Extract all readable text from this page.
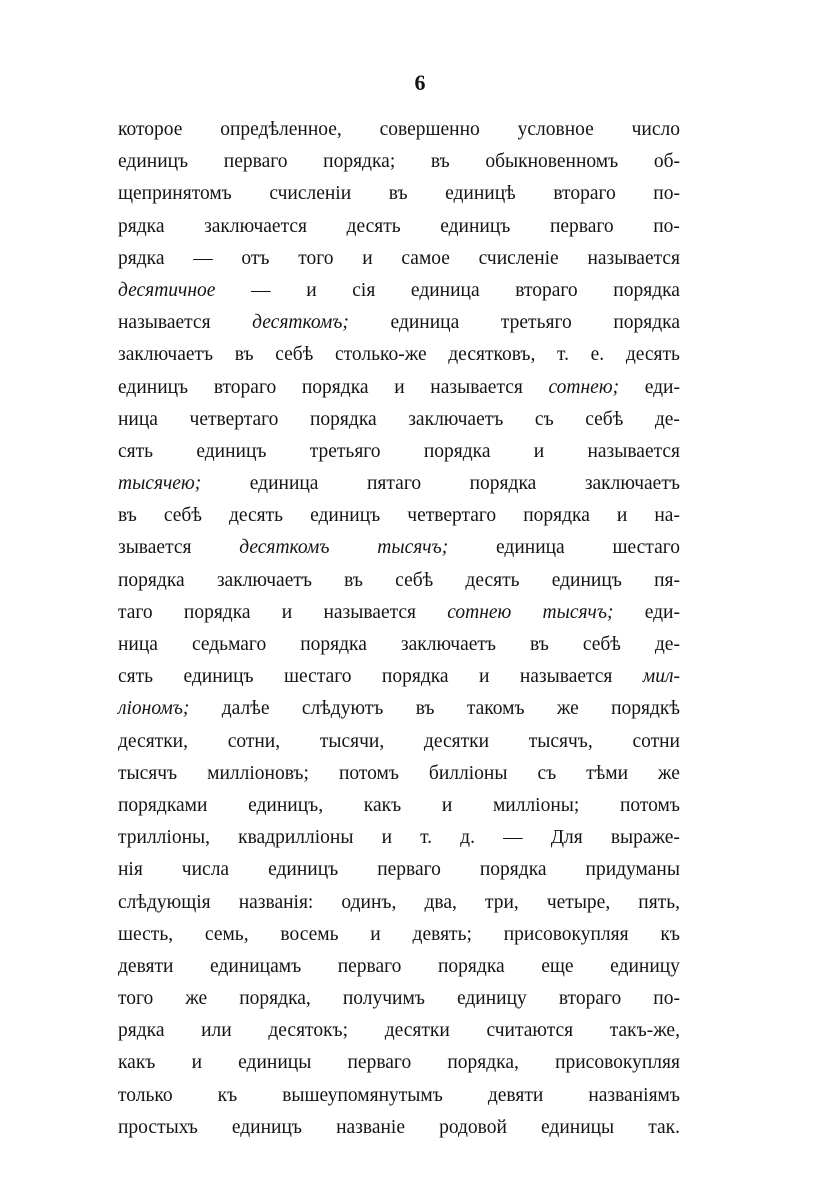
6
которое опредѣленное, совершенно условное число
единицъ перваго порядка; въ обыкновенномъ об-
щепринятомъ счисленіи въ единицѣ втораго по-
рядка заключается десять единицъ перваго по-
рядка — отъ того и самое счисленіе называется
десятичное — и сія единица втораго порядка
называется десяткомъ; единица третьяго порядка
заключаетъ въ себѣ столько-же десятковъ, т. е. десять
единицъ втораго порядка и называется сотнею; еди-
ница четвертаго порядка заключаетъ съ себѣ де-
сять единицъ третьяго порядка и называется
тысячею; единица пятаго порядка заключаетъ
въ себѣ десять единицъ четвертаго порядка и на-
зывается десяткомъ тысячъ; единица шестаго
порядка заключаетъ въ себѣ десять единицъ пя-
таго порядка и называется сотнею тысячъ; еди-
ница седьмаго порядка заключаетъ въ себѣ де-
сять единицъ шестаго порядка и называется мил-
ліономъ; далѣе слѣдуютъ въ такомъ же порядкѣ
десятки, сотни, тысячи, десятки тысячъ, сотни
тысячъ милліоновъ; потомъ билліоны съ тѣми же
порядками единицъ, какъ и милліоны; потомъ
трилліоны, квадрилліоны и т. д. — Для выраже-
нія числа единицъ перваго порядка придуманы
слѣдующія названія: одинъ, два, три, четыре, пять,
шесть, семь, восемь и девять; присовокупляя къ
девяти единицамъ перваго порядка еще единицу
того же порядка, получимъ единицу втораго по-
рядка или десятокъ; десятки считаются такъ-же,
какъ и единицы перваго порядка, присовокупляя
только къ вышеупомянутымъ девяти названіямъ
простыхъ единицъ названіе родовой единицы так.
